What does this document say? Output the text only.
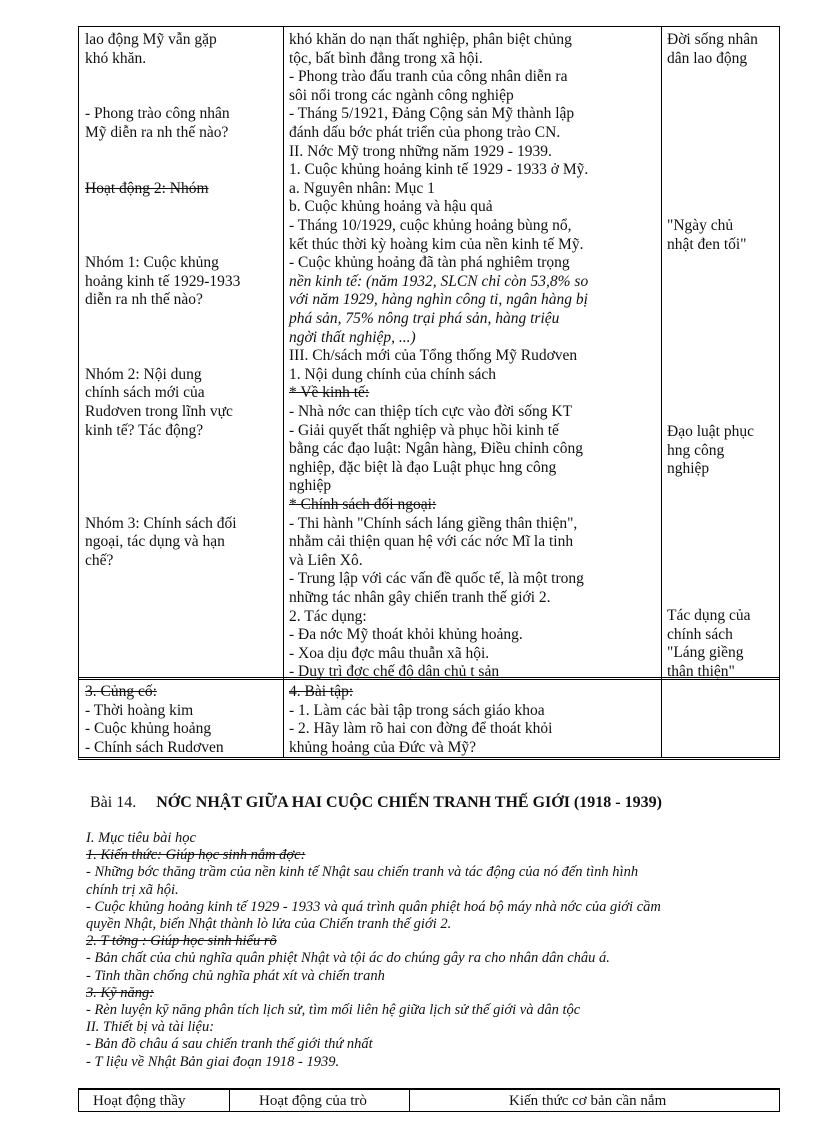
lao động Mỹ vẫn gặp
khó khăn.
- Phong trào công nhân
Mỹ diễn ra nh thế nào?
Hoạt động 2: Nhóm
Nhóm 1: Cuộc khủng
hoảng kinh tế 1929-1933
diễn ra nh thế nào?
Nhóm 2: Nội dung
chính sách mới của
Rudơven trong lĩnh vực
kinh tế? Tác động?
Nhóm 3: Chính sách đối
ngoại, tác dụng và hạn
chế?
khó khăn do nạn thất nghiệp, phân biệt chủng
tộc, bất bình đẳng trong xã hội.
- Phong trào đấu tranh của công nhân diễn ra
sôi nổi trong các ngành công nghiệp
- Tháng 5/1921, Đảng Cộng sản Mỹ thành lập
đánh dấu bớc phát triển của phong trào CN.
II. Nớc Mỹ trong những năm 1929 - 1939.
1. Cuộc khủng hoảng kinh tế 1929 - 1933 ở Mỹ.
a. Nguyên nhân: Mục 1
b. Cuộc khủng hoảng và hậu quả
- Tháng 10/1929, cuộc khủng hoảng bùng nổ,
kết thúc thời kỳ hoàng kim của nền kinh tế Mỹ.
- Cuộc khủng hoảng đã tàn phá nghiêm trọng
nền kinh tế: (năm 1932, SLCN chỉ còn 53,8% so
với năm 1929, hàng nghìn công ti, ngân hàng bị
phá sản, 75% nông trại phá sản, hàng triệu
ngời thất nghiệp, ...)
III. Ch/sách mới của Tổng thống Mỹ Rudơven
1. Nội dung chính của chính sách
* Về kinh tế:
- Nhà nớc can thiệp tích cực vào đời sống KT
- Giải quyết thất nghiệp và phục hồi kinh tế
bằng các đạo luật: Ngân hàng, Điều chỉnh công
nghiệp, đặc biệt là đạo Luật phục hng công
nghiệp
* Chính sách đối ngoại:
- Thi hành "Chính sách láng giềng thân thiện",
nhằm cải thiện quan hệ với các nớc Mĩ la tinh
và Liên Xô.
- Trung lập với các vấn đề quốc tế, là một trong
những tác nhân gây chiến tranh thế giới 2.
2. Tác dụng:
- Đa nớc Mỹ thoát khỏi khủng hoảng.
- Xoa dịu đợc mâu thuẫn xã hội.
- Duy trì đợc chế độ dân chủ t sản
Đời sống nhân
dân lao động
"Ngày chủ
nhật đen tối"
Đạo luật phục
hng công
nghiệp
Tác dụng của
chính sách
"Láng giềng
thân thiện"
3. Củng cố:
- Thời hoàng kim
- Cuộc khủng hoảng
- Chính sách Rudơven
4. Bài tập:
- 1. Làm các bài tập trong sách giáo khoa
- 2. Hãy làm rõ hai con đờng để thoát khỏi
khủng hoảng của Đức và Mỹ?
Bài 14. NỚC NHẬT GIỮA HAI CUỘC CHIẾN TRANH THẾ GIỚI (1918 - 1939)
I. Mục tiêu bài học
1. Kiến thức: Giúp học sinh nắm đợc:
- Những bớc thăng trầm của nền kinh tế Nhật sau chiến tranh và tác động của nó đến tình hình
chính trị xã hội.
- Cuộc khủng hoảng kinh tế 1929 - 1933 và quá trình quân phiệt hoá bộ máy nhà nớc của giới cầm
quyền Nhật, biến Nhật thành lò lửa của Chiến tranh thế giới 2.
2. T tởng : Giúp học sinh hiểu rõ
- Bản chất của chủ nghĩa quân phiệt Nhật và tội ác do chúng gây ra cho nhân dân châu á.
- Tinh thần chống chủ nghĩa phát xít và chiến tranh
3. Kỹ năng:
- Rèn luyện kỹ năng phân tích lịch sử, tìm mối liên hệ giữa lịch sử thế giới và dân tộc
II. Thiết bị và tài liệu:
- Bản đồ châu á sau chiến tranh thế giới thứ nhất
- T liệu về Nhật Bản giai đoạn 1918 - 1939.
Hoạt động thầy	Hoạt động của trò	Kiến thức cơ bản cần nắm
